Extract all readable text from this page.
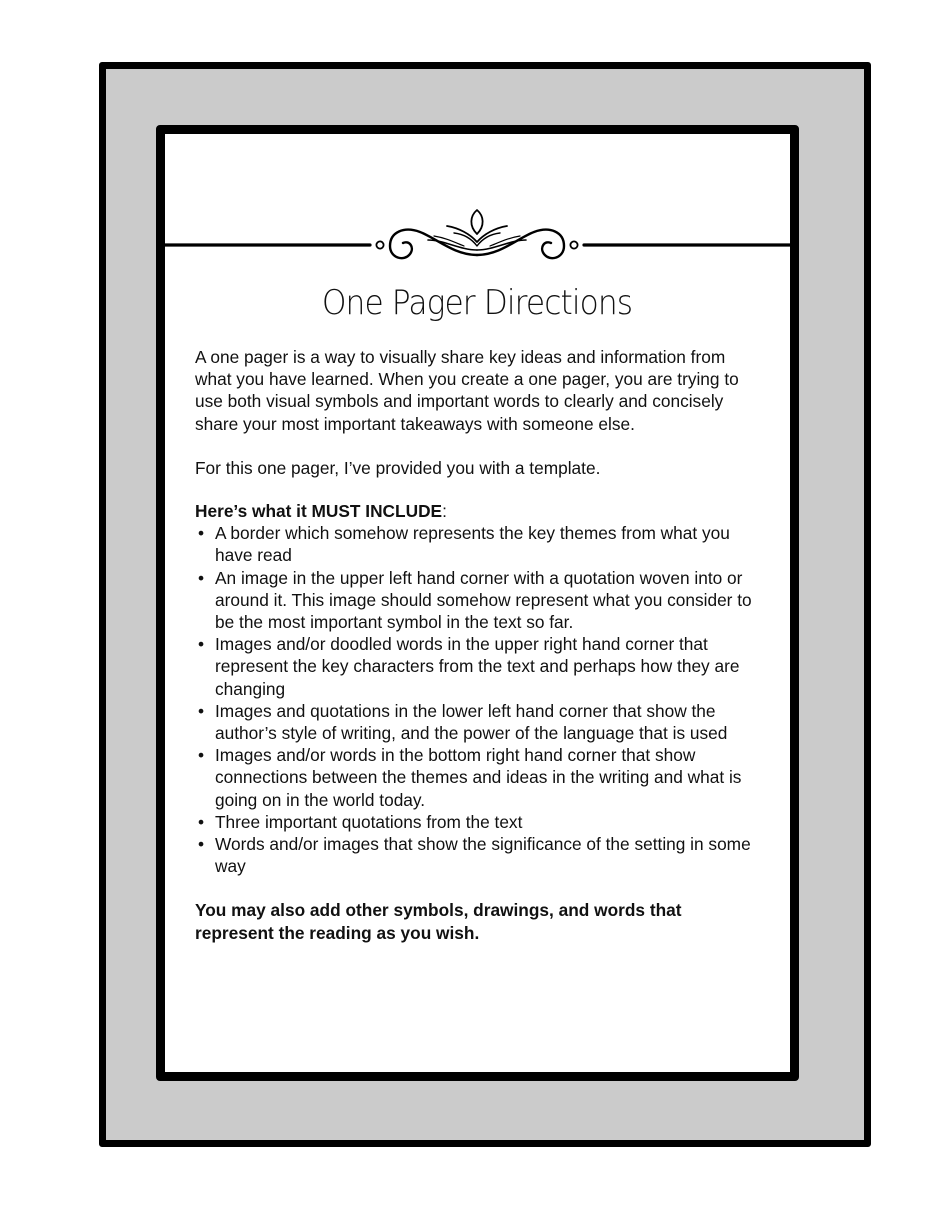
One Pager Directions

A one pager is a way to visually share key ideas and information from what you have learned. When you create a one pager, you are trying to use both visual symbols and important words to clearly and concisely share your most important takeaways with someone else.

For this one pager, I’ve provided you with a template.

Here’s what it MUST INCLUDE:

• A border which somehow represents the key themes from what you have read
• An image in the upper left hand corner with a quotation woven into or around it. This image should somehow represent what you consider to be the most important symbol in the text so far.
• Images and/or doodled words in the upper right hand corner that represent the key characters from the text and perhaps how they are changing
• Images and quotations in the lower left hand corner that show the author’s style of writing, and the power of the language that is used
• Images and/or words in the bottom right hand corner that show connections between the themes and ideas in the writing and what is going on in the world today.
• Three important quotations from the text
• Words and/or images that show the significance of the setting in some way

You may also add other symbols, drawings, and words that represent the reading as you wish.
